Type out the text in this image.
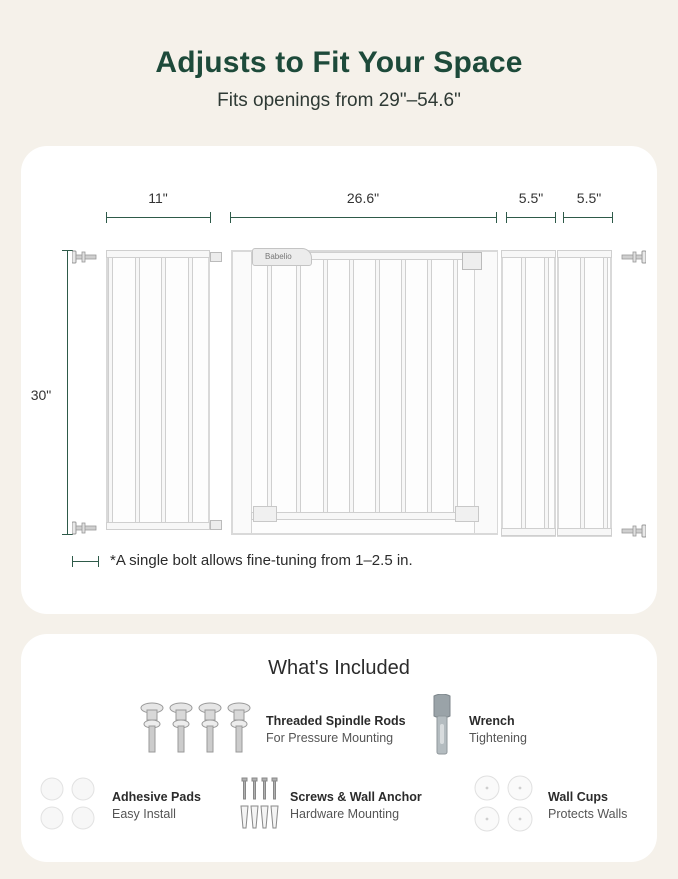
Adjusts to Fit Your Space
Fits openings from 29"–54.6"
11"	26.6"	5.5"	5.5"
30"
Babelio
*A single bolt allows fine-tuning from 1–2.5 in.
What's Included
Threaded Spindle Rods
For Pressure Mounting
Wrench
Tightening
Adhesive Pads
Easy Install
Screws & Wall Anchor
Hardware Mounting
Wall Cups
Protects Walls
